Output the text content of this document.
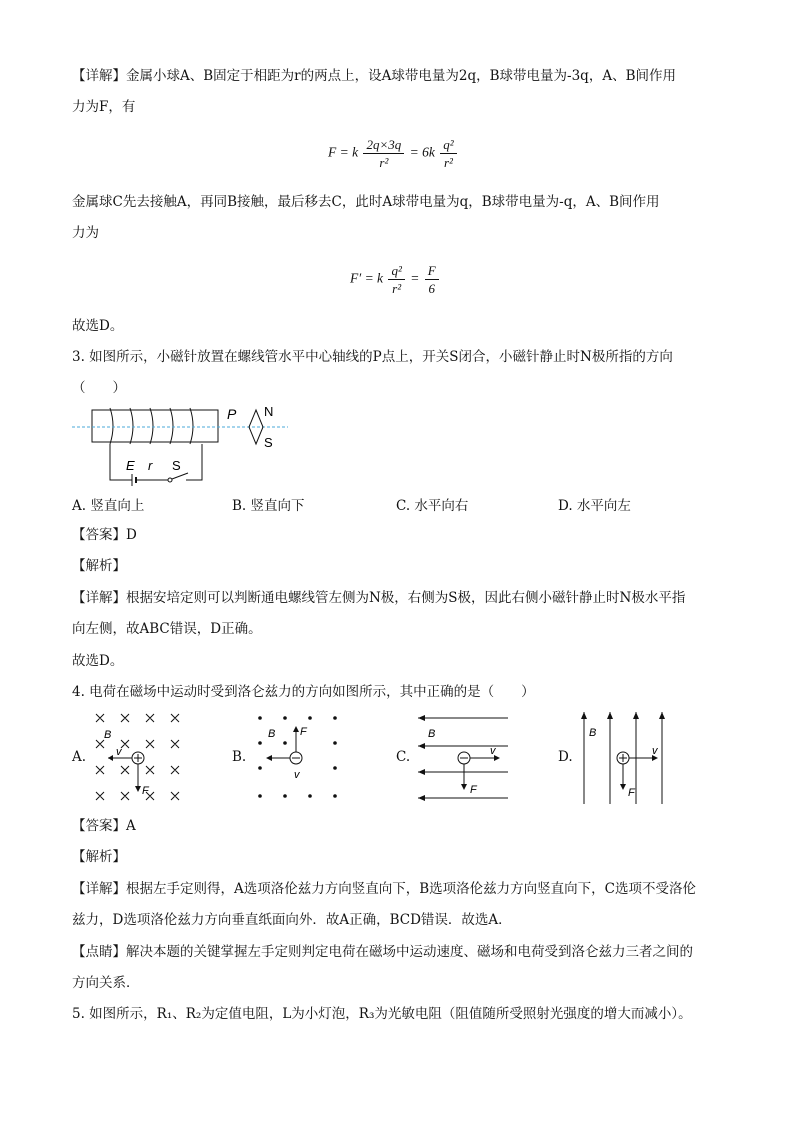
【详解】金属小球A、B固定于相距为r的两点上，设A球带电量为2q，B球带电量为-3q，A、B间作用
力为F，有
F = k $\frac{2q\times 3q}{\text{r²}} = 6k \frac{\text{q²}}{\text{r²}}$
金属球C先去接触A，再同B接触，最后移去C，此时A球带电量为q，B球带电量为-q，A、B间作用
力为
F′ = k $\frac{\text{q²}}{\text{r²}} = \frac{F}{6}$
故选D。
3. 如图所示，小磁针放置在螺线管水平中心轴线的P点上，开关S闭合，小磁针静止时N极所指的方向
（　　）
P N
S
E r S
A. 竖直向上	B. 竖直向下	C. 水平向右	D. 水平向左
【答案】D
【解析】
【详解】根据安培定则可以判断通电螺线管左侧为N极，右侧为S极，因此右侧小磁针静止时N极水平指
向左侧，故ABC错误，D正确。
故选D。
4. 电荷在磁场中运动时受到洛仑兹力的方向如图所示，其中正确的是（　　）
A.
B
v
F
B.
B F
v
C.
B
v
F
D.
B
v
F
【答案】A
【解析】
【详解】根据左手定则得，A选项洛伦兹力方向竖直向下，B选项洛伦兹力方向竖直向下，C选项不受洛伦
兹力，D选项洛伦兹力方向垂直纸面向外．故A正确，BCD错误．故选A．
【点睛】解决本题的关键掌握左手定则判定电荷在磁场中运动速度、磁场和电荷受到洛仑兹力三者之间的
方向关系．
5. 如图所示，R₁、R₂为定值电阻，L为小灯泡，R₃为光敏电阻（阻值随所受照射光强度的增大而减小）。
